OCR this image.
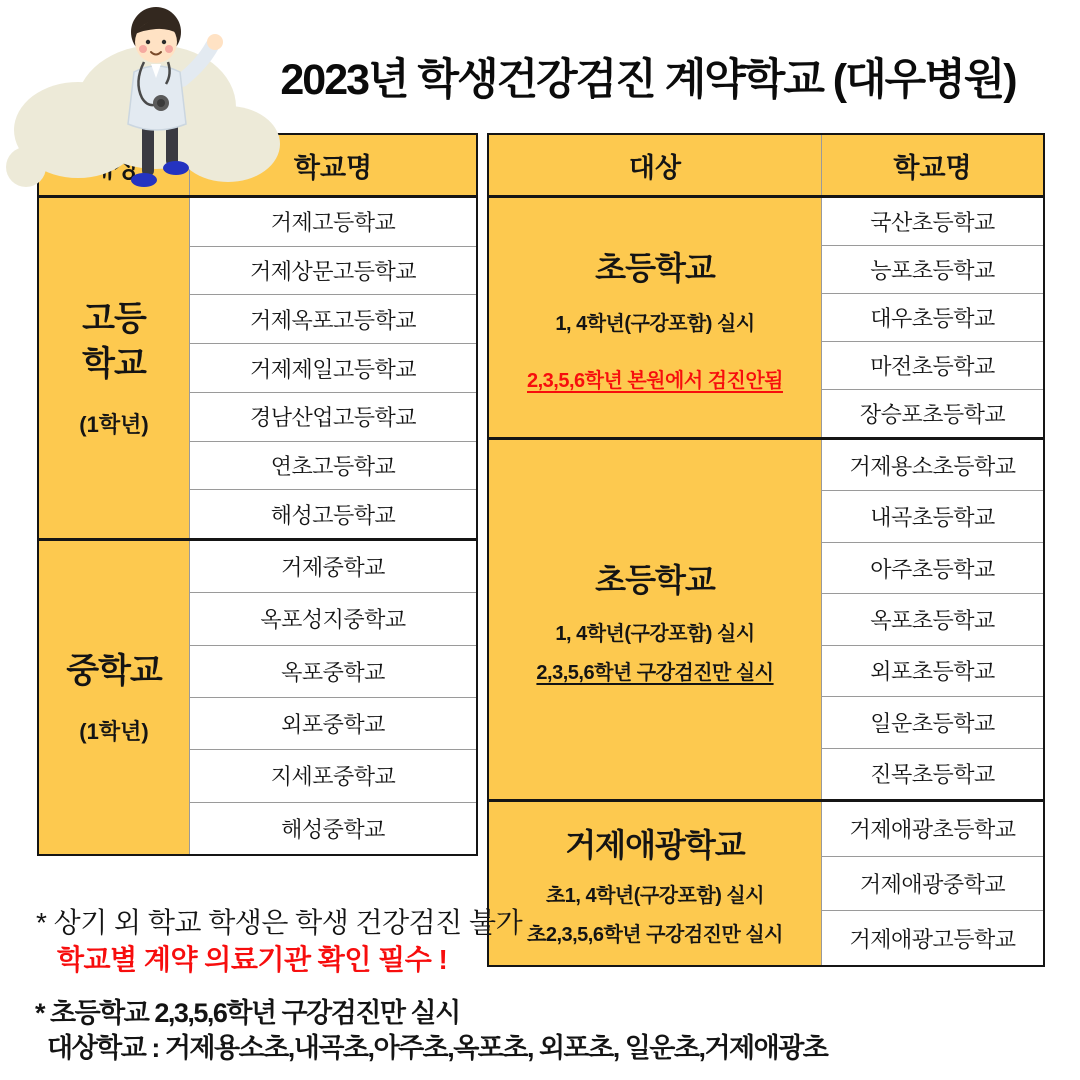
2023년 학생건강검진 계약학교 (대우병원)
학교명
고등
학교
(1학년)
거제고등학교
거제상문고등학교
거제옥포고등학교
거제제일고등학교
경남산업고등학교
연초고등학교
해성고등학교
중학교
(1학년)
거제중학교
옥포성지중학교
옥포중학교
외포중학교
지세포중학교
해성중학교
대상	학교명
초등학교
1, 4학년(구강포함) 실시
2,3,5,6학년 본원에서 검진안됨
국산초등학교
능포초등학교
대우초등학교
마전초등학교
장승포초등학교
초등학교
1, 4학년(구강포함) 실시
2,3,5,6학년 구강검진만 실시
거제용소초등학교
내곡초등학교
아주초등학교
옥포초등학교
외포초등학교
일운초등학교
진목초등학교
거제애광학교
초1, 4학년(구강포함) 실시
초2,3,5,6학년 구강검진만 실시
거제애광초등학교
거제애광중학교
거제애광고등학교
* 상기 외 학교 학생은 학생 건강검진 불가
학교별 계약 의료기관 확인 필수 !
* 초등학교 2,3,5,6학년 구강검진만 실시
대상학교 : 거제용소초,내곡초,아주초,옥포초, 외포초, 일운초,거제애광초
